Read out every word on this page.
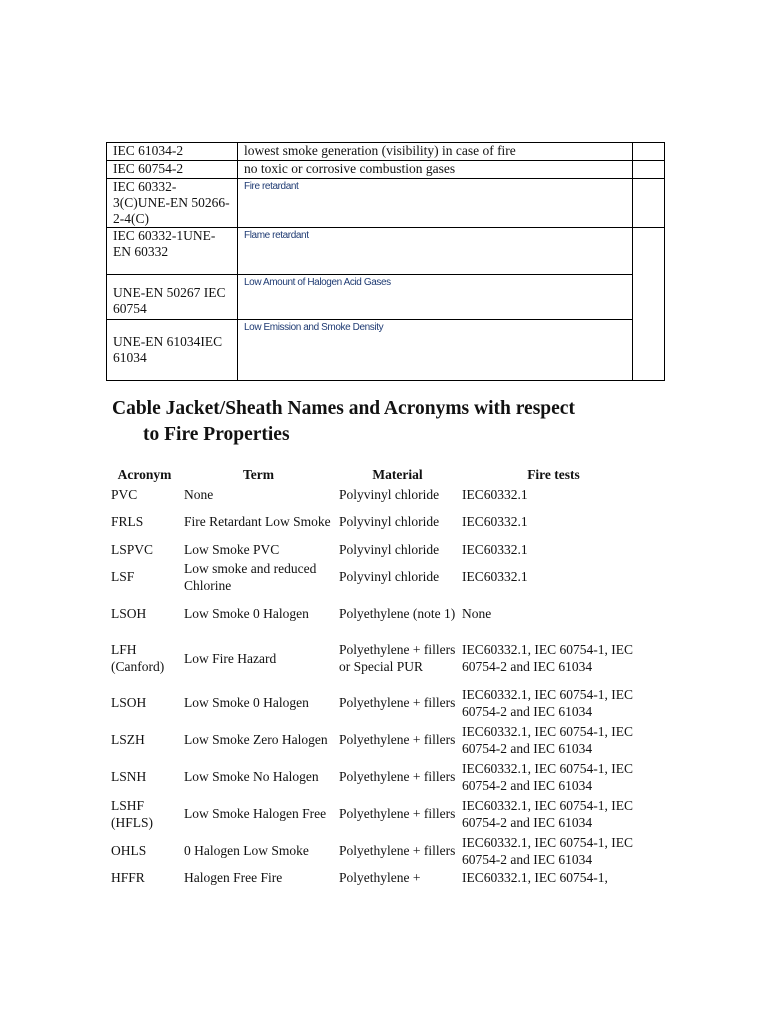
IEC 61034-2	lowest smoke generation (visibility) in case of fire	
IEC 60754-2	no toxic or corrosive combustion gases	
IEC 60332-3(C)UNE-EN 50266-2-4(C)	Fire retardant	
IEC 60332-1UNE-EN 60332	Flame retardant	
UNE-EN 50267 IEC 60754	Low Amount of Halogen Acid Gases	
UNE-EN 61034IEC 61034	Low Emission and Smoke Density	
Cable Jacket/Sheath Names and Acronyms with respect
to Fire Properties
Acronym	Term	Material	Fire tests
PVC	None	Polyvinyl chloride	IEC60332.1
FRLS	Fire Retardant Low Smoke	Polyvinyl chloride	IEC60332.1
LSPVC	Low Smoke PVC	Polyvinyl chloride	IEC60332.1
LSF	Low smoke and reduced Chlorine	Polyvinyl chloride	IEC60332.1
LSOH	Low Smoke 0 Halogen	Polyethylene (note 1)	None
LFH (Canford)	Low Fire Hazard	Polyethylene + fillers or Special PUR	IEC60332.1, IEC 60754-1, IEC 60754-2 and IEC 61034
LSOH	Low Smoke 0 Halogen	Polyethylene + fillers	IEC60332.1, IEC 60754-1, IEC 60754-2 and IEC 61034
LSZH	Low Smoke Zero Halogen	Polyethylene + fillers	IEC60332.1, IEC 60754-1, IEC 60754-2 and IEC 61034
LSNH	Low Smoke No Halogen	Polyethylene + fillers	IEC60332.1, IEC 60754-1, IEC 60754-2 and IEC 61034
LSHF (HFLS)	Low Smoke Halogen Free	Polyethylene + fillers	IEC60332.1, IEC 60754-1, IEC 60754-2 and IEC 61034
OHLS	0 Halogen Low Smoke	Polyethylene + fillers	IEC60332.1, IEC 60754-1, IEC 60754-2 and IEC 61034
HFFR	Halogen Free Fire	Polyethylene +	IEC60332.1, IEC 60754-1,
